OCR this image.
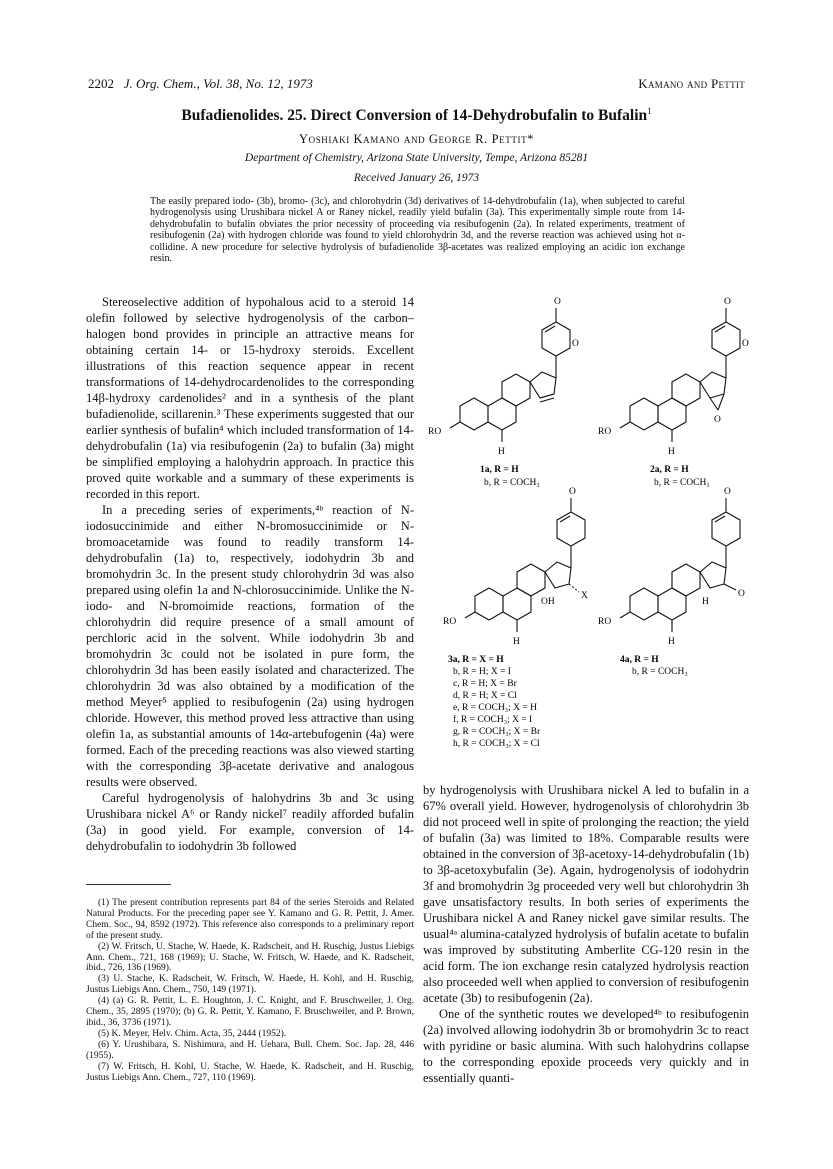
2202 J. Org. Chem., Vol. 38, No. 12, 1973	Kamano and Pettit
Bufadienolides. 25. Direct Conversion of 14-Dehydrobufalin to Bufalin$^1$
Yoshiaki Kamano and George R. Pettit*
Department of Chemistry, Arizona State University, Tempe, Arizona 85281
Received January 26, 1973
The easily prepared iodo- (3b), bromo- (3c), and chlorohydrin (3d) derivatives of 14-dehydrobufalin (1a), when subjected to careful hydrogenolysis using Urushibara nickel A or Raney nickel, readily yield bufalin (3a). This experimentally simple route from 14-dehydrobufalin to bufalin obviates the prior necessity of proceeding via resibufogenin (2a). In related experiments, treatment of resibufogenin (2a) with hydrogen chloride was found to yield chlorohydrin 3d, and the reverse reaction was achieved using hot α-collidine. A new procedure for selective hydrolysis of bufadienolide 3β-acetates was realized employing an acidic ion exchange resin.

Stereoselective addition of hypohalous acid to a steroid 14 olefin followed by selective hydrogenolysis of the carbon–halogen bond provides in principle an attractive means for obtaining certain 14- or 15-hydroxy steroids. Excellent illustrations of this reaction sequence appear in recent transformations of 14-dehydrocardenolides to the corresponding 14β-hydroxy cardenolides² and in a synthesis of the plant bufadienolide, scillarenin.³ These experiments suggested that our earlier synthesis of bufalin⁴ which included transformation of 14-dehydrobufalin (1a) via resibufogenin (2a) to bufalin (3a) might be simplified employing a halohydrin approach. In practice this proved quite workable and a summary of these experiments is recorded in this report.

In a preceding series of experiments,⁴ᵇ reaction of N-iodosuccinimide and either N-bromosuccinimide or N-bromoacetamide was found to readily transform 14-dehydrobufalin (1a) to, respectively, iodohydrin 3b and bromohydrin 3c. In the present study chlorohydrin 3d was also prepared using olefin 1a and N-chlorosuccinimide. Unlike the N-iodo- and N-bromoimide reactions, formation of the chlorohydrin did require presence of a small amount of perchloric acid in the solvent. While iodohydrin 3b and bromohydrin 3c could not be isolated in pure form, the chlorohydrin 3d has been easily isolated and characterized. The chlorohydrin 3d was also obtained by a modification of the method Meyer⁵ applied to resibufogenin (2a) using hydrogen chloride. However, this method proved less attractive than using olefin 1a, as substantial amounts of 14α-artebufogenin (4a) were formed. Each of the preceding reactions was also viewed starting with the corresponding 3β-acetate derivative and analogous results were observed.

Careful hydrogenolysis of halohydrins 3b and 3c using Urushibara nickel A⁶ or Randy nickel⁷ readily afforded bufalin (3a) in good yield. For example, conversion of 14-dehydrobufalin to iodohydrin 3b followed

(1) The present contribution represents part 84 of the series Steroids and Related Natural Products. For the preceding paper see Y. Kamano and G. R. Pettit, J. Amer. Chem. Soc., 94, 8592 (1972). This reference also corresponds to a preliminary report of the present study.

(2) W. Fritsch, U. Stache, W. Haede, K. Radscheit, and H. Ruschig, Justus Liebigs Ann. Chem., 721, 168 (1969); U. Stache, W. Fritsch, W. Haede, and K. Radscheit, ibid., 726, 136 (1969).

(3) U. Stache, K. Radscheit, W. Fritsch, W. Haede, H. Kohl, and H. Ruschig, Justus Liebigs Ann. Chem., 750, 149 (1971).

(4) (a) G. R. Pettit, L. E. Houghton, J. C. Knight, and F. Bruschweiler, J. Org. Chem., 35, 2895 (1970); (b) G. R. Pettit, Y. Kamano, F. Bruschweiler, and P. Brown, ibid., 36, 3736 (1971).

(5) K. Meyer, Helv. Chim. Acta, 35, 2444 (1952).

(6) Y. Urushibara, S. Nishimura, and H. Uehara, Bull. Chem. Soc. Jap. 28, 446 (1955).

(7) W. Fritsch, H. Kohl, U. Stache, W. Haede, K. Radscheit, and H. Ruschig, Justus Liebigs Ann. Chem., 727, 110 (1969).

O
O
RO
H
1a, R = H
b, R = COCH₃
O
O
O
RO
H
2a, R = H
b, R = COCH₃
RO
H
OH
X
O
3a, R = X = H
b, R = H; X = I
c, R = H; X = Br
d, R = H; X = Cl
e, R = COCH₃; X = H
f, R = COCH₃; X = I
g, R = COCH₃; X = Br
h, R = COCH₃; X = Cl
O
RO
H
H
O
4a, R = H
b, R = COCH₃

by hydrogenolysis with Urushibara nickel A led to bufalin in a 67% overall yield. However, hydrogenolysis of chlorohydrin 3b did not proceed well in spite of prolonging the reaction; the yield of bufalin (3a) was limited to 18%. Comparable results were obtained in the conversion of 3β-acetoxy-14-dehydrobufalin (1b) to 3β-acetoxybufalin (3e). Again, hydrogenolysis of iodohydrin 3f and bromohydrin 3g proceeded very well but chlorohydrin 3h gave unsatisfactory results. In both series of experiments the Urushibara nickel A and Raney nickel gave similar results. The usual⁴ᵃ alumina-catalyzed hydrolysis of bufalin acetate to bufalin was improved by substituting Amberlite CG-120 resin in the acid form. The ion exchange resin catalyzed hydrolysis reaction also proceeded well when applied to conversion of resibufogenin acetate (3b) to resibufogenin (2a).

One of the synthetic routes we developed⁴ᵇ to resibufogenin (2a) involved allowing iodohydrin 3b or bromohydrin 3c to react with pyridine or basic alumina. With such halohydrins collapse to the corresponding epoxide proceeds very quickly and in essentially quanti-
